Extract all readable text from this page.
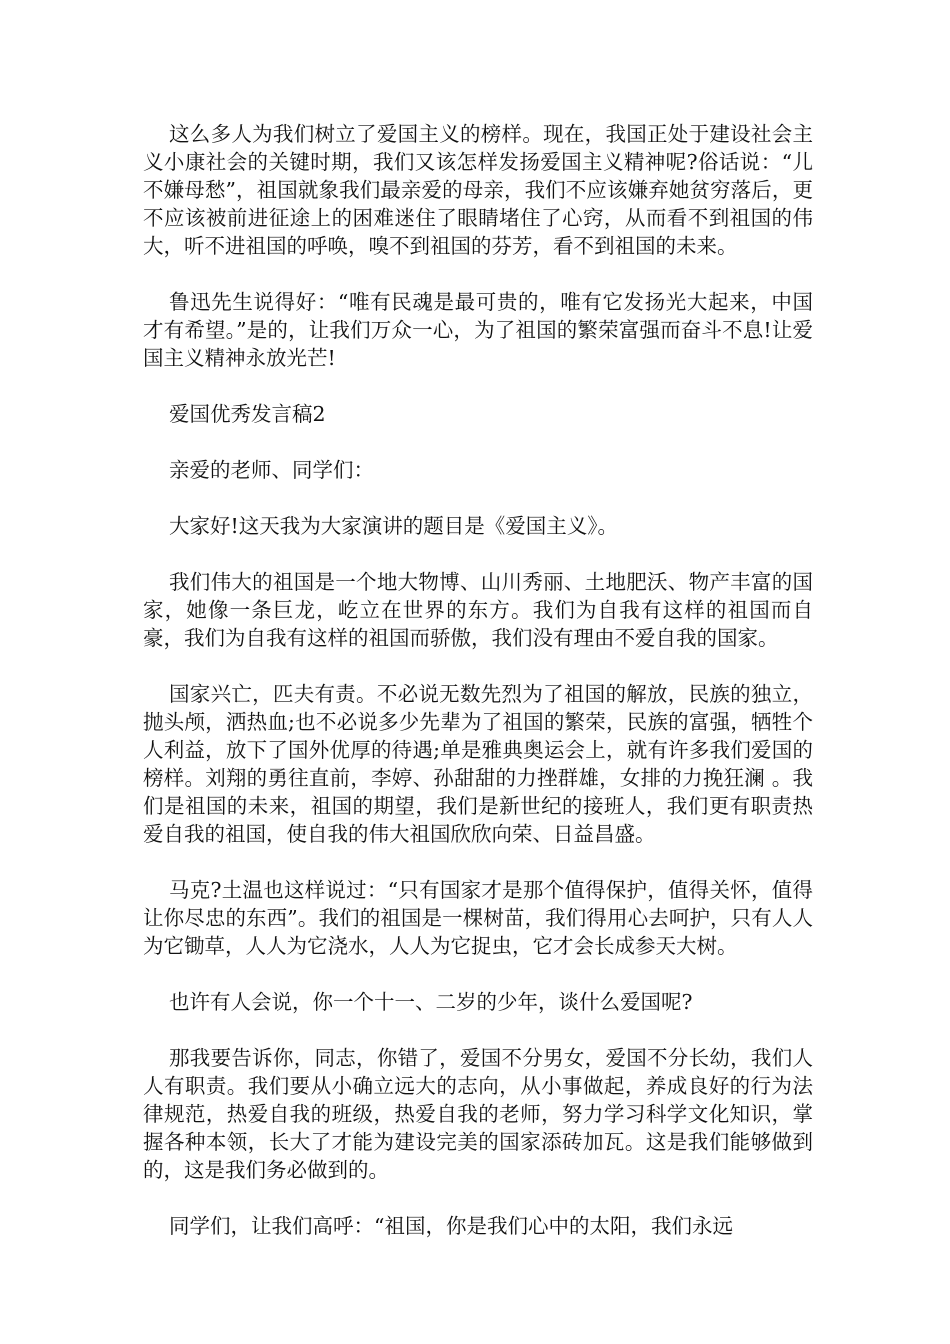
这么多人为我们树立了爱国主义的榜样。现在，我国正处于建设社会主义小康社会的关键时期，我们又该怎样发扬爱国主义精神呢?俗话说：“儿不嫌母愁”，祖国就象我们最亲爱的母亲，我们不应该嫌弃她贫穷落后，更不应该被前进征途上的困难迷住了眼睛堵住了心窍，从而看不到祖国的伟大，听不进祖国的呼唤，嗅不到祖国的芬芳，看不到祖国的未来。

鲁迅先生说得好：“唯有民魂是最可贵的，唯有它发扬光大起来，中国才有希望。”是的，让我们万众一心，为了祖国的繁荣富强而奋斗不息!让爱国主义精神永放光芒!

爱国优秀发言稿2

亲爱的老师、同学们：

大家好!这天我为大家演讲的题目是《爱国主义》。

我们伟大的祖国是一个地大物博、山川秀丽、土地肥沃、物产丰富的国家，她像一条巨龙，屹立在世界的东方。我们为自我有这样的祖国而自豪，我们为自我有这样的祖国而骄傲，我们没有理由不爱自我的国家。

国家兴亡，匹夫有责。不必说无数先烈为了祖国的解放，民族的独立，抛头颅，洒热血;也不必说多少先辈为了祖国的繁荣，民族的富强，牺牲个人利益，放下了国外优厚的待遇;单是雅典奥运会上，就有许多我们爱国的榜样。刘翔的勇往直前，李婷、孙甜甜的力挫群雄，女排的力挽狂澜 。我们是祖国的未来，祖国的期望，我们是新世纪的接班人，我们更有职责热爱自我的祖国，使自我的伟大祖国欣欣向荣、日益昌盛。

马克?土温也这样说过：“只有国家才是那个值得保护，值得关怀，值得让你尽忠的东西”。我们的祖国是一棵树苗，我们得用心去呵护，只有人人为它锄草，人人为它浇水，人人为它捉虫，它才会长成参天大树。

也许有人会说，你一个十一、二岁的少年，谈什么爱国呢?

那我要告诉你，同志，你错了，爱国不分男女，爱国不分长幼，我们人人有职责。我们要从小确立远大的志向，从小事做起，养成良好的行为法律规范，热爱自我的班级，热爱自我的老师，努力学习科学文化知识，掌握各种本领，长大了才能为建设完美的国家添砖加瓦。这是我们能够做到的，这是我们务必做到的。

同学们，让我们高呼：“祖国，你是我们心中的太阳，我们永远
